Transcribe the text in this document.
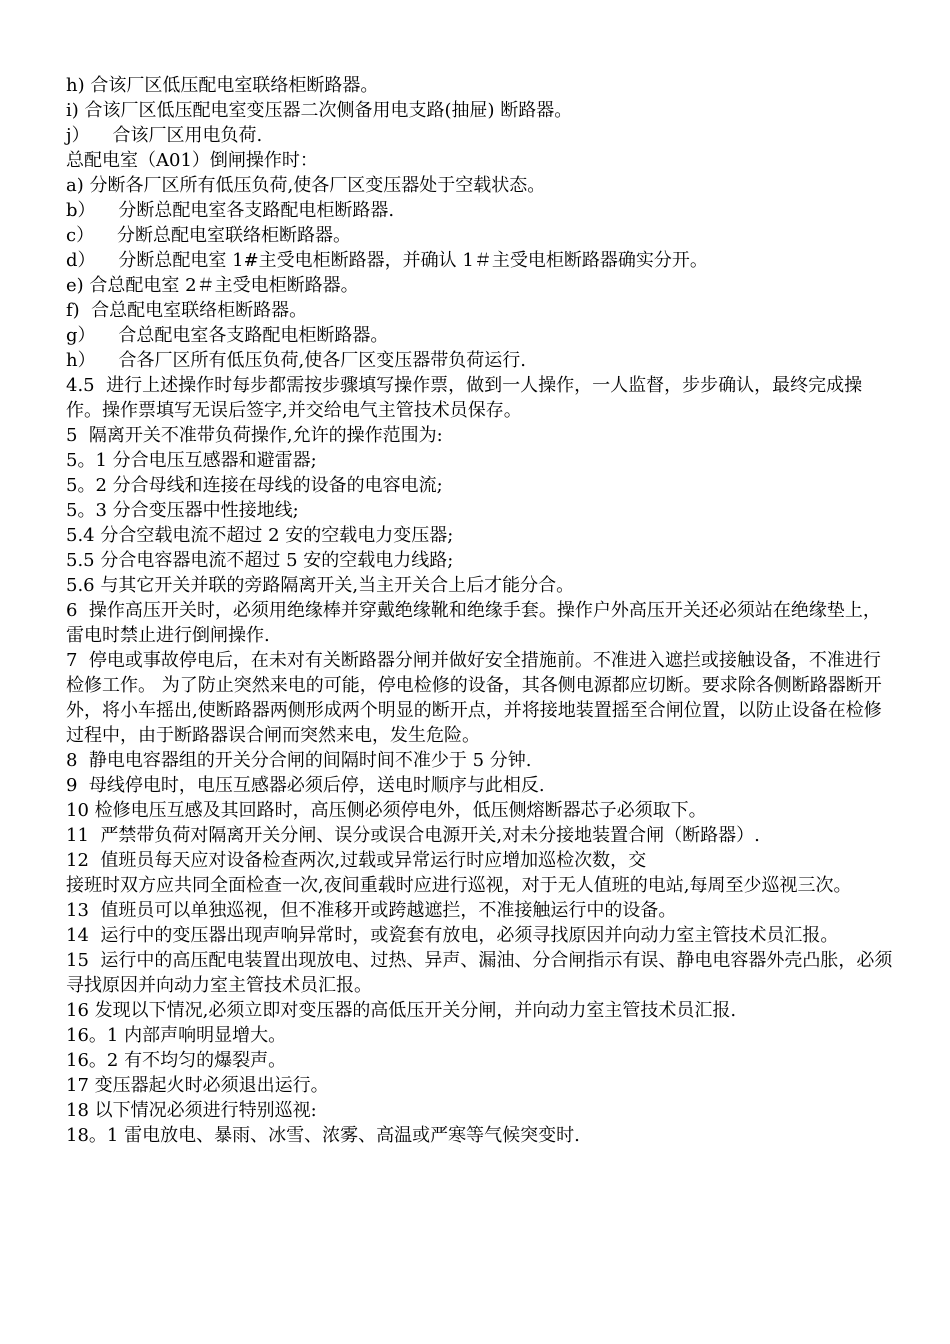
h) 合该厂区低压配电室联络柜断路器。

i) 合该厂区低压配电室变压器二次侧备用电支路(抽屉) 断路器。

j）    合该厂区用电负荷.

总配电室（A01）倒闸操作时：

a) 分断各厂区所有低压负荷,使各厂区变压器处于空载状态。

b）    分断总配电室各支路配电柜断路器.

c）    分断总配电室联络柜断路器。

d）    分断总配电室 1#主受电柜断路器，并确认 1＃主受电柜断路器确实分开。

e) 合总配电室 2＃主受电柜断路器。

f)  合总配电室联络柜断路器。

g）    合总配电室各支路配电柜断路器。

h）    合各厂区所有低压负荷,使各厂区变压器带负荷运行.

4.5  进行上述操作时每步都需按步骤填写操作票，做到一人操作，一人监督，步步确认，最终完成操作。操作票填写无误后签字,并交给电气主管技术员保存。

5  隔离开关不准带负荷操作,允许的操作范围为:

5。1 分合电压互感器和避雷器;

5。2 分合母线和连接在母线的设备的电容电流;

5。3 分合变压器中性接地线;

5.4 分合空载电流不超过 2 安的空载电力变压器;

5.5 分合电容器电流不超过 5 安的空载电力线路;

5.6 与其它开关并联的旁路隔离开关,当主开关合上后才能分合。

6  操作高压开关时，必须用绝缘棒并穿戴绝缘靴和绝缘手套。操作户外高压开关还必须站在绝缘垫上，雷电时禁止进行倒闸操作.

7  停电或事故停电后，在未对有关断路器分闸并做好安全措施前。不准进入遮拦或接触设备，不准进行检修工作。 为了防止突然来电的可能，停电检修的设备，其各侧电源都应切断。要求除各侧断路器断开外，将小车摇出,使断路器两侧形成两个明显的断开点，并将接地装置摇至合闸位置，以防止设备在检修过程中，由于断路器误合闸而突然来电，发生危险。

8  静电电容器组的开关分合闸的间隔时间不准少于 5 分钟.

9  母线停电时，电压互感器必须后停，送电时顺序与此相反.

10 检修电压互感及其回路时，高压侧必须停电外，低压侧熔断器芯子必须取下。

11  严禁带负荷对隔离开关分闸、误分或误合电源开关,对未分接地装置合闸（断路器）.

12  值班员每天应对设备检查两次,过载或异常运行时应增加巡检次数，交

接班时双方应共同全面检查一次,夜间重载时应进行巡视，对于无人值班的电站,每周至少巡视三次。

13  值班员可以单独巡视，但不准移开或跨越遮拦，不准接触运行中的设备。

14  运行中的变压器出现声响异常时，或瓷套有放电，必须寻找原因并向动力室主管技术员汇报。

15  运行中的高压配电装置出现放电、过热、异声、漏油、分合闸指示有误、静电电容器外壳凸胀，必须寻找原因并向动力室主管技术员汇报。

16 发现以下情况,必须立即对变压器的高低压开关分闸，并向动力室主管技术员汇报.

16。1 内部声响明显增大。

16。2 有不均匀的爆裂声。

17 变压器起火时必须退出运行。

18 以下情况必须进行特别巡视:

18。1 雷电放电、暴雨、冰雪、浓雾、高温或严寒等气候突变时.
